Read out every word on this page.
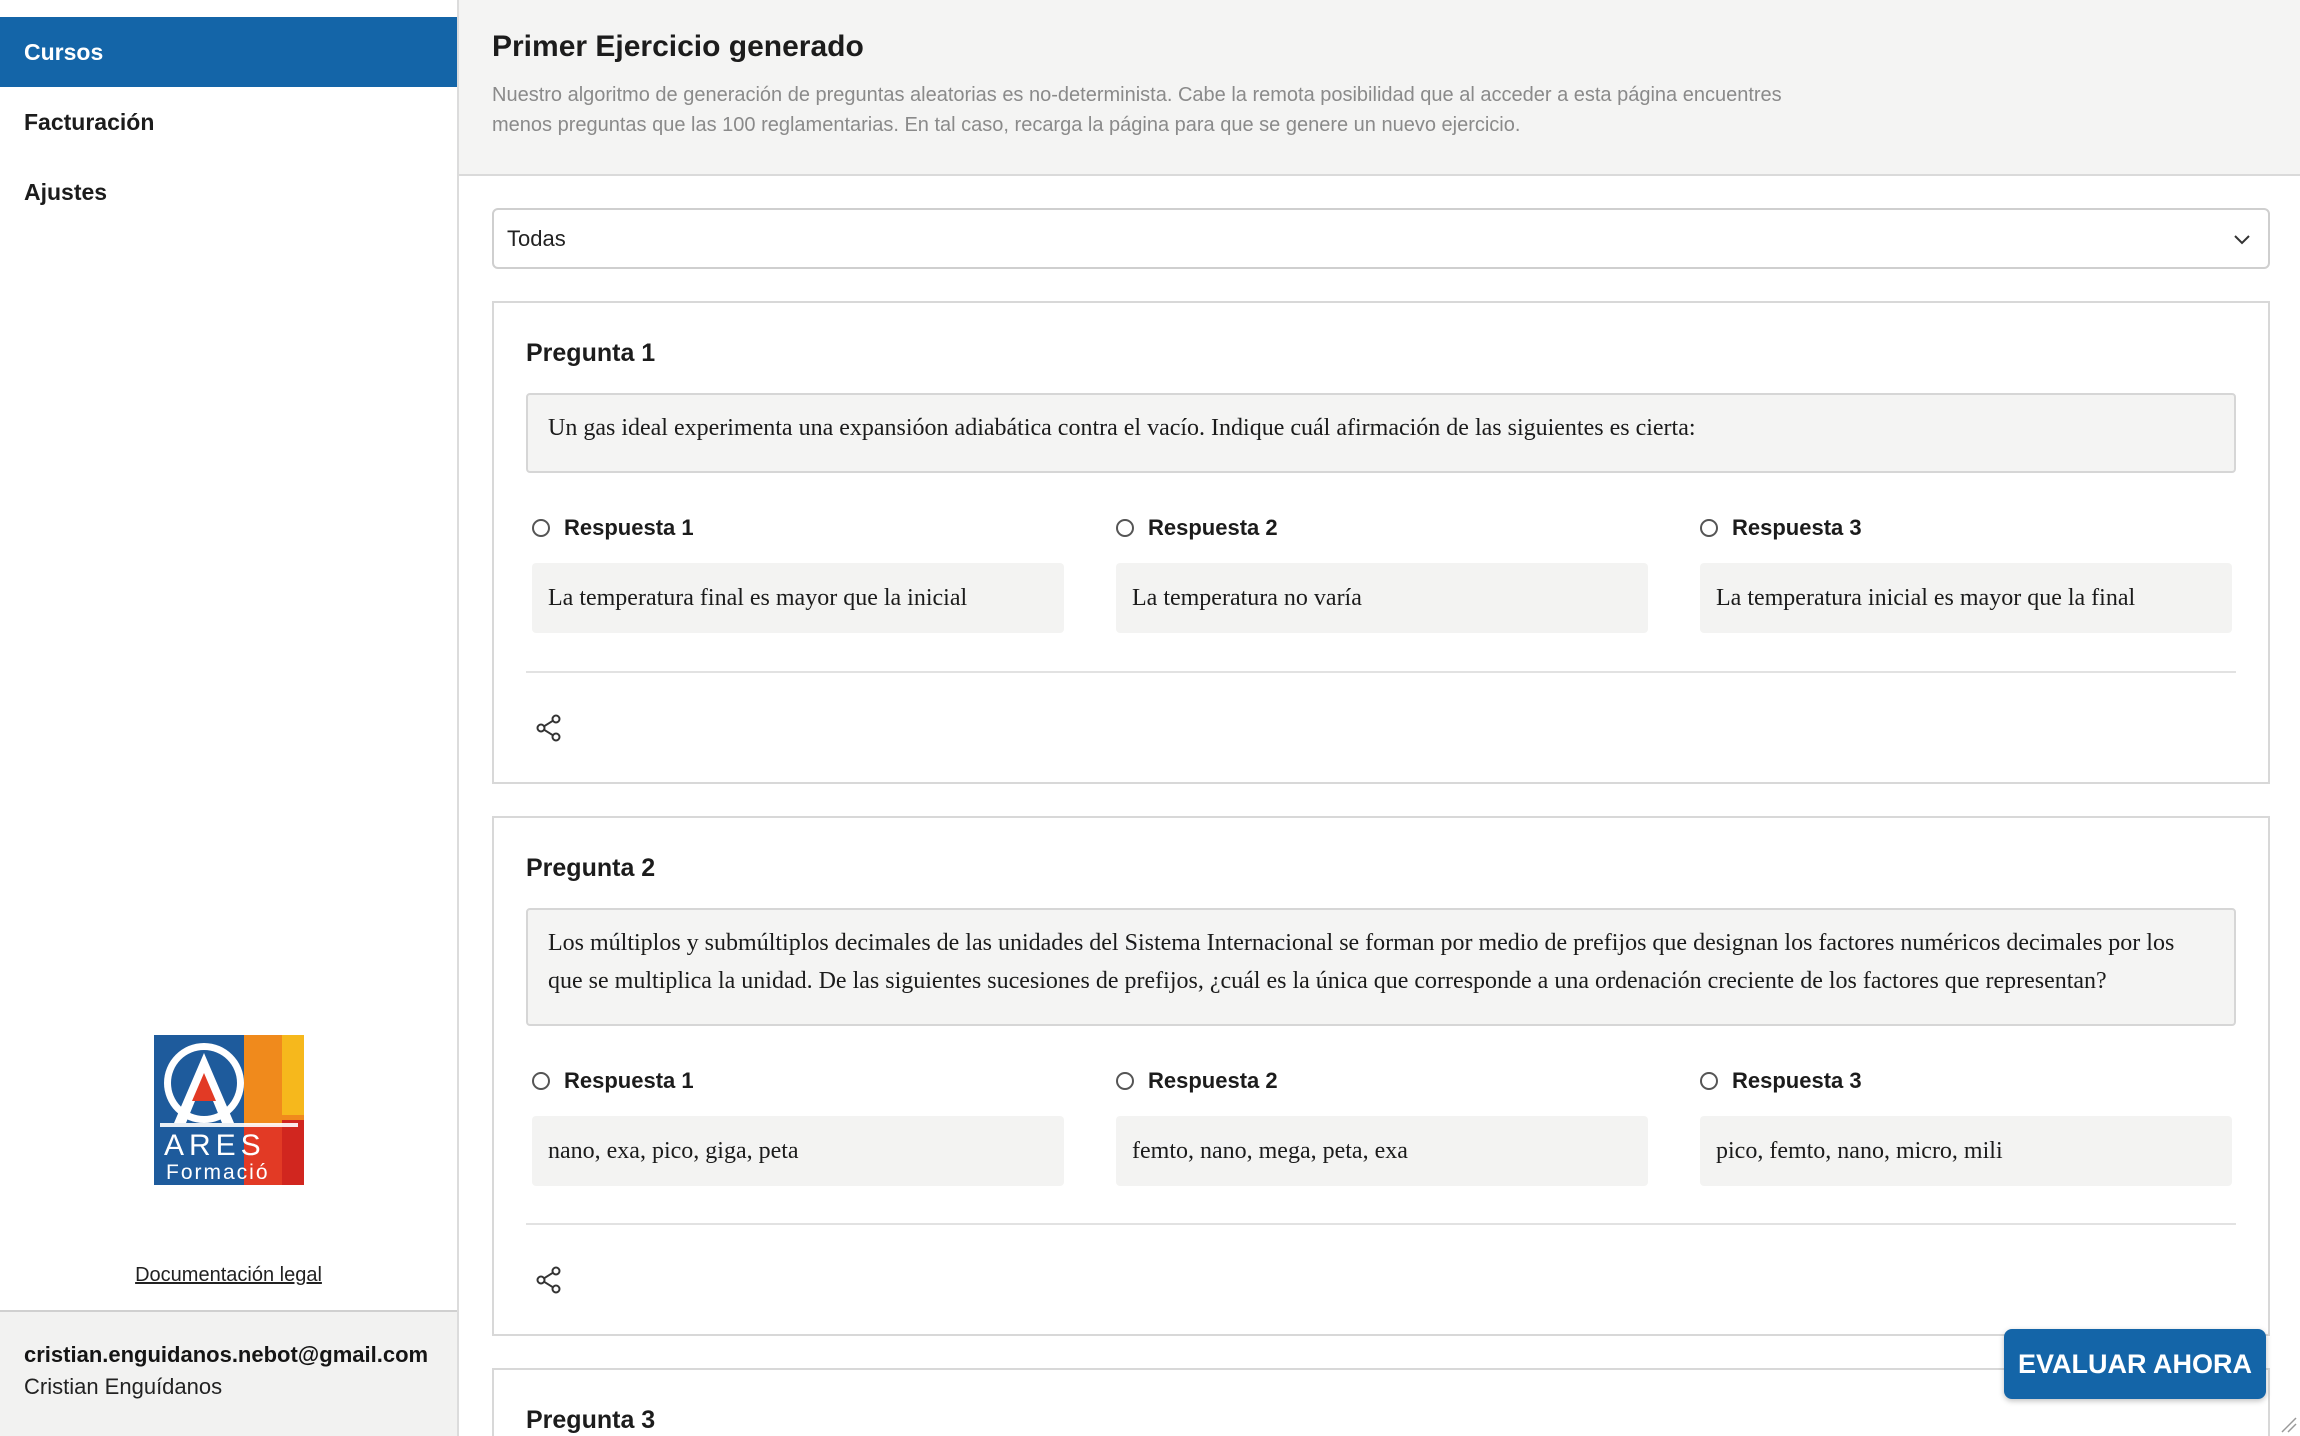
Cursos
Facturación
Ajustes
ARES
Formació
Documentación legal
cristian.enguidanos.nebot@gmail.com
Cristian Enguídanos
Primer Ejercicio generado

Nuestro algoritmo de generación de preguntas aleatorias es no-determinista. Cabe la remota posibilidad que al acceder a esta página encuentres menos preguntas que las 100 reglamentarias. En tal caso, recarga la página para que se genere un nuevo ejercicio.

Todas
Pregunta 1
Un gas ideal experimenta una expansióon adiabática contra el vacío. Indique cuál afirmación de las siguientes es cierta:
Respuesta 1
La temperatura final es mayor que la inicial
Respuesta 2
La temperatura no varía
Respuesta 3
La temperatura inicial es mayor que la final
Pregunta 2
Los múltiplos y submúltiplos decimales de las unidades del Sistema Internacional se forman por medio de prefijos que designan los factores numéricos decimales por los que se multiplica la unidad. De las siguientes sucesiones de prefijos, ¿cuál es la única que corresponde a una ordenación creciente de los factores que representan?
Respuesta 1
nano, exa, pico, giga, peta
Respuesta 2
femto, nano, mega, peta, exa
Respuesta 3
pico, femto, nano, micro, mili
Pregunta 3
EVALUAR AHORA
